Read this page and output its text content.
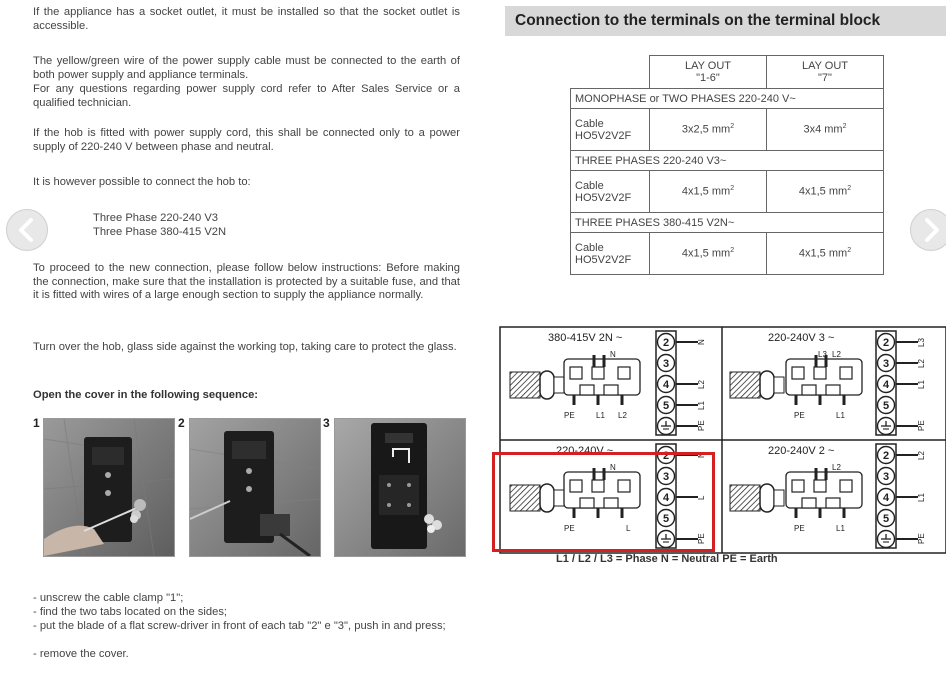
If the appliance has a socket outlet, it must be installed so that the socket outlet is accessible.

The yellow/green wire of the power supply cable must be connected to the earth of both power supply and appliance terminals.

For any questions regarding power supply cord refer to After Sales Service or a qualified technician.

If the hob is fitted with power supply cord, this shall be connected only to a power supply of 220-240 V between phase and neutral.

It is however possible to connect the hob to:

Three Phase 220-240 V3

Three Phase 380-415 V2N

To proceed to the new connection, please follow below instructions: Before making the connection, make sure that the installation is protected by a suitable fuse, and that it is fitted with wires of a large enough section to supply the appliance normally.

Turn over the hob, glass side against the working top, taking care to protect the glass.

Open the cover in the following sequence:

1	2	3

- unscrew the cable clamp "1";

- find the two tabs located on the sides;

- put the blade of a flat screw-driver in front of each tab "2" e "3", push in and press;

- remove the cover.

Connection to the terminals on the terminal block
	LAY OUT
"1-6"	LAY OUT
"7"
MONOPHASE or TWO PHASES 220-240 V~		
Cable
HO5V2V2F	3x2,5 $mm^2$	3x4 $mm^2$
THREE PHASES 220-240 V3~		
Cable
HO5V2V2F	4x1,5 $mm^2$	4x1,5 $mm^2$
THREE PHASES 380-415 V2N~		
Cable
HO5V2V2F	4x1,5 $mm^2$	4x1,5 $mm^2$
380-415V 2N ~
N
PE	L1 L2
2
3
4
5
N
L2
L1
PE
220-240V 3 ~
L3 L2
PE	L1
2
3
4
5
L3
L2
L1
PE
220-240V ~
N
PE	L
2
3
4
5
N
L
PE
220-240V 2 ~
L2
PE	L1
2
3
4
5
L2
L1
PE
L1 / L2 / L3 = Phase N = Neutral PE = Earth
